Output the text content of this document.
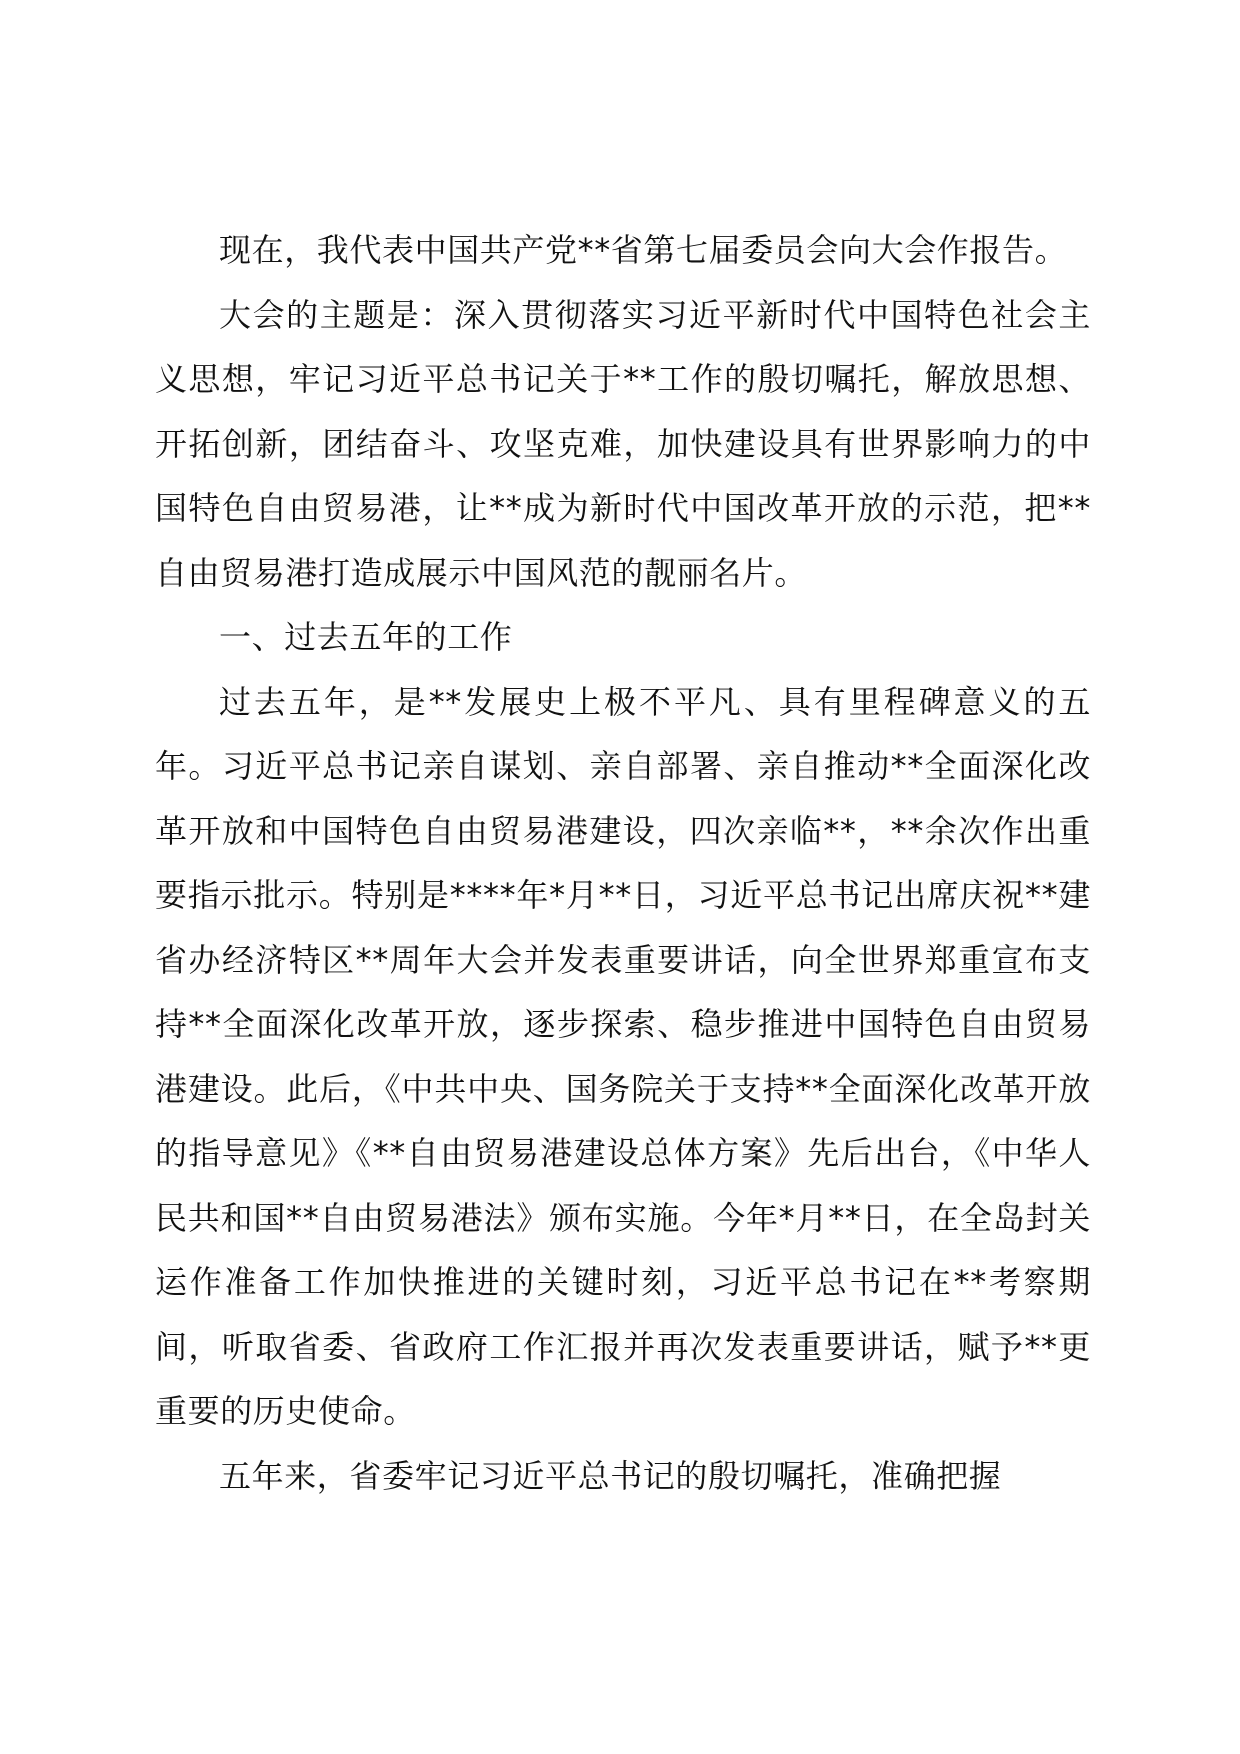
现在，我代表中国共产党**省第七届委员会向大会作报告。

大会的主题是：深入贯彻落实习近平新时代中国特色社会主义思想，牢记习近平总书记关于**工作的殷切嘱托，解放思想、开拓创新，团结奋斗、攻坚克难，加快建设具有世界影响力的中国特色自由贸易港，让**成为新时代中国改革开放的示范，把**自由贸易港打造成展示中国风范的靓丽名片。

一、过去五年的工作

过去五年，是**发展史上极不平凡、具有里程碑意义的五年。习近平总书记亲自谋划、亲自部署、亲自推动**全面深化改革开放和中国特色自由贸易港建设，四次亲临**，**余次作出重要指示批示。特别是****年*月**日，习近平总书记出席庆祝**建省办经济特区**周年大会并发表重要讲话，向全世界郑重宣布支持**全面深化改革开放，逐步探索、稳步推进中国特色自由贸易港建设。此后，《中共中央、国务院关于支持**全面深化改革开放的指导意见》《**自由贸易港建设总体方案》先后出台，《中华人民共和国**自由贸易港法》颁布实施。今年*月**日，在全岛封关运作准备工作加快推进的关键时刻，习近平总书记在**考察期间，听取省委、省政府工作汇报并再次发表重要讲话，赋予**更重要的历史使命。

五年来，省委牢记习近平总书记的殷切嘱托，准确把握
